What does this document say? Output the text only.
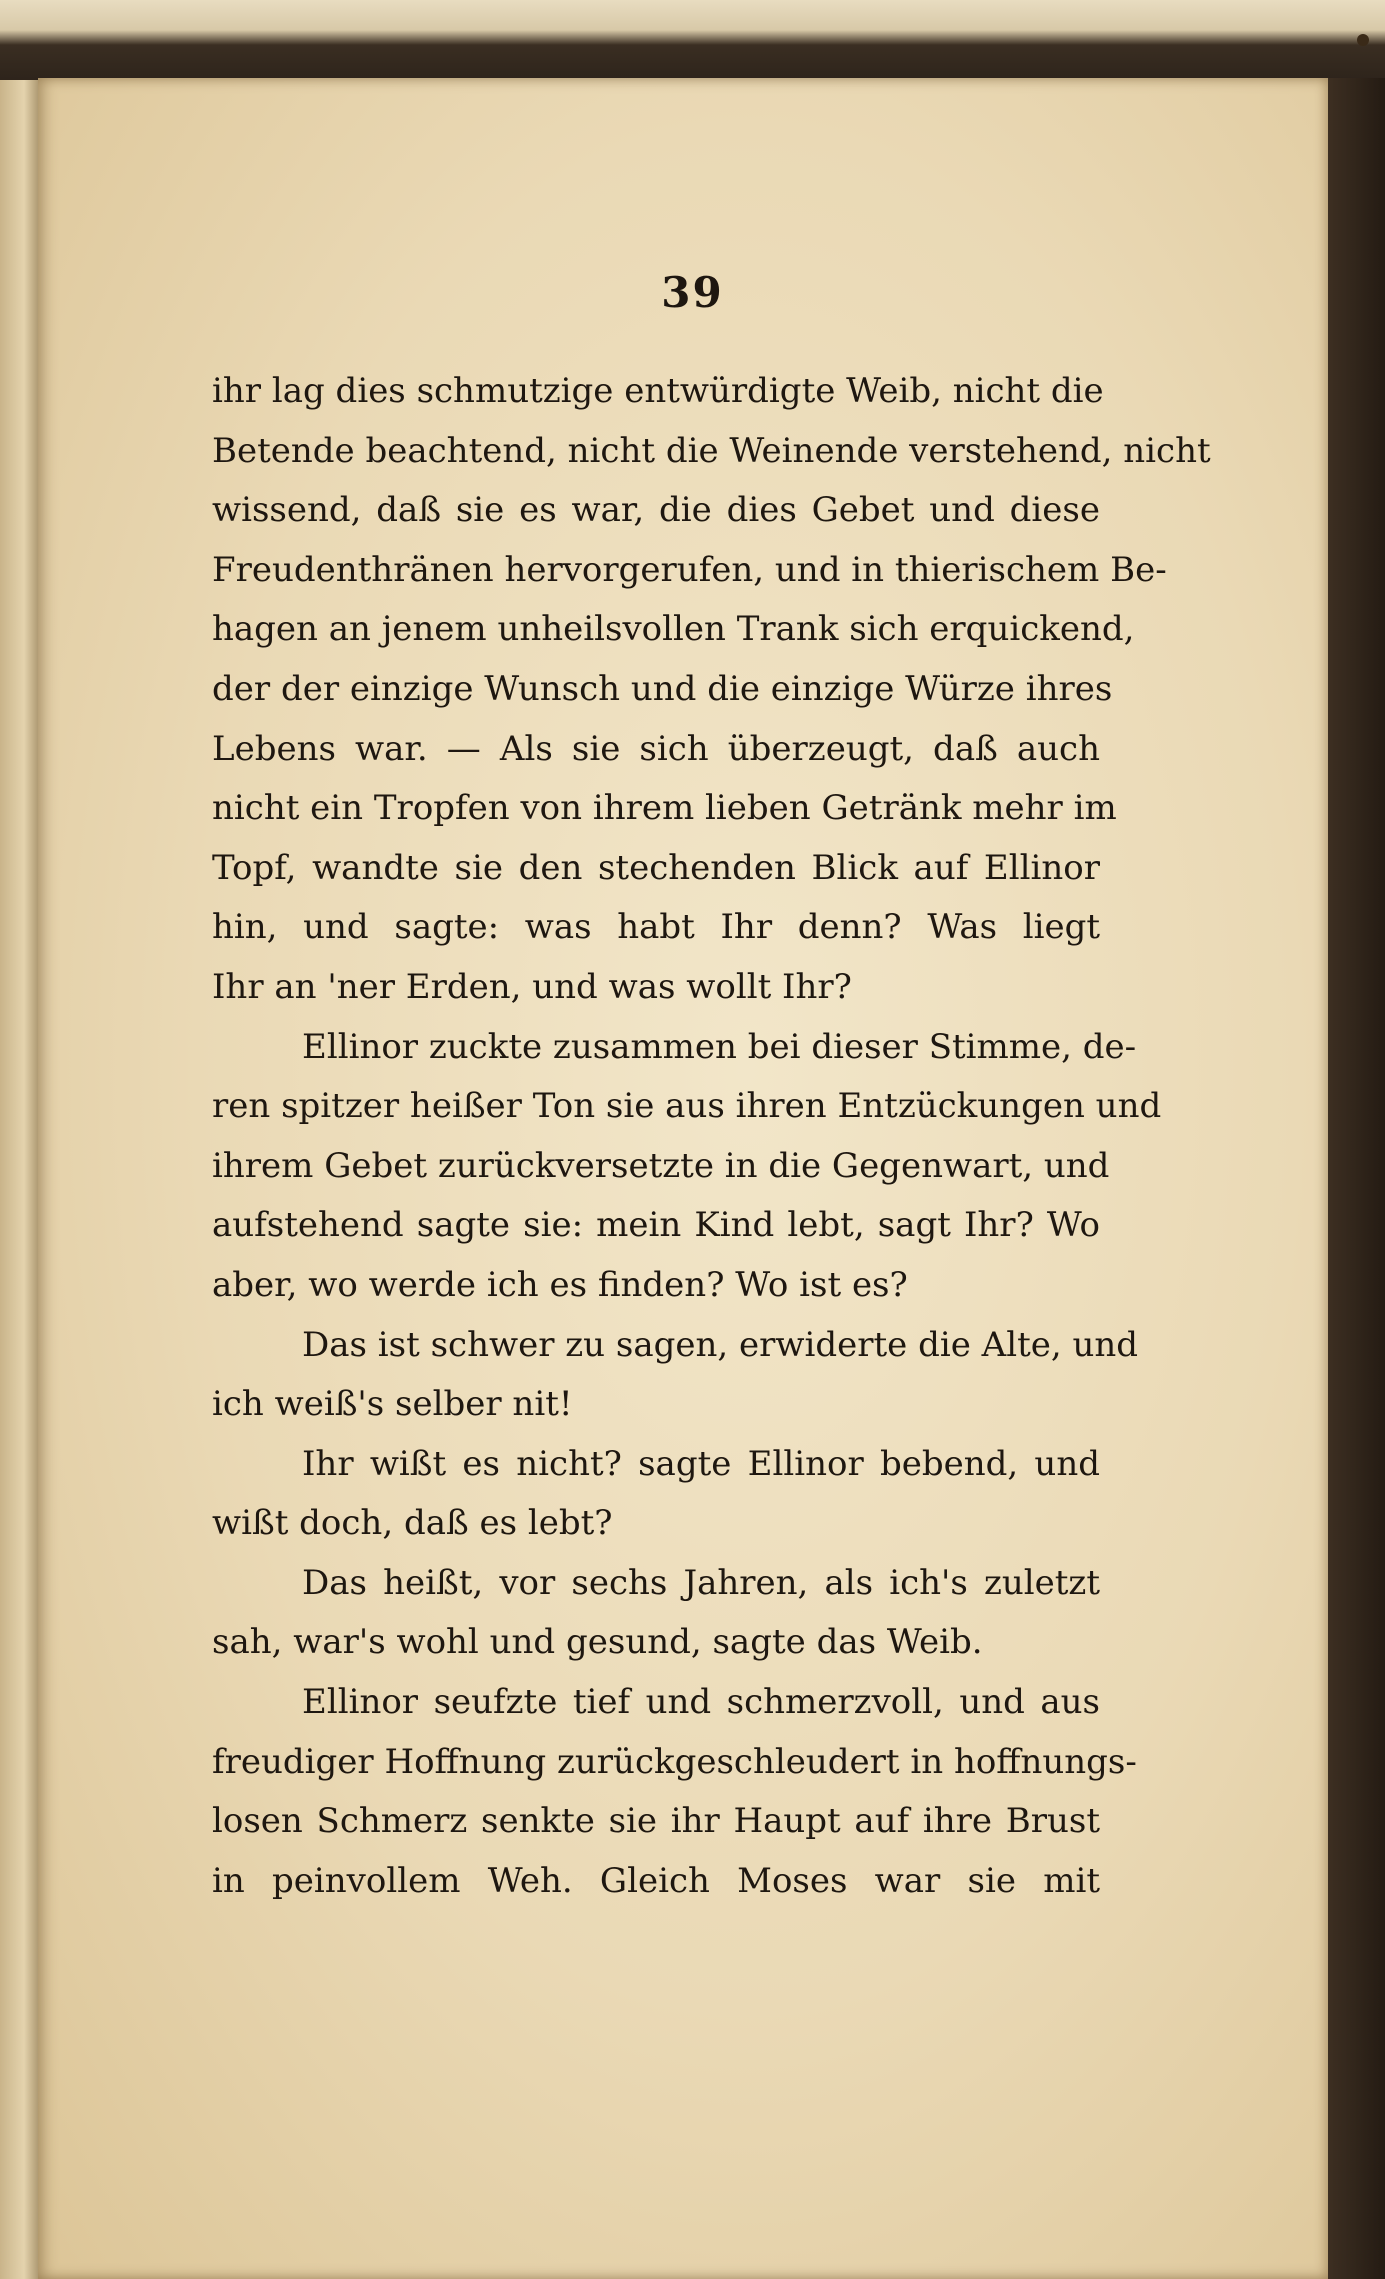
39
ihr lag dies schmutzige entwürdigte Weib, nicht die
Betende beachtend, nicht die Weinende verstehend, nicht
wissend, daß sie es war, die dies Gebet und diese
Freudenthränen hervorgerufen, und in thierischem Be-
hagen an jenem unheilsvollen Trank sich erquickend,
der der einzige Wunsch und die einzige Würze ihres
Lebens war. — Als sie sich überzeugt, daß auch
nicht ein Tropfen von ihrem lieben Getränk mehr im
Topf, wandte sie den stechenden Blick auf Ellinor
hin, und sagte: was habt Ihr denn? Was liegt
Ihr an 'ner Erden, und was wollt Ihr?
Ellinor zuckte zusammen bei dieser Stimme, de-
ren spitzer heißer Ton sie aus ihren Entzückungen und
ihrem Gebet zurückversetzte in die Gegenwart, und
aufstehend sagte sie: mein Kind lebt, sagt Ihr? Wo
aber, wo werde ich es finden? Wo ist es?
Das ist schwer zu sagen, erwiderte die Alte, und
ich weiß's selber nit!
Ihr wißt es nicht? sagte Ellinor bebend, und
wißt doch, daß es lebt?
Das heißt, vor sechs Jahren, als ich's zuletzt
sah, war's wohl und gesund, sagte das Weib.
Ellinor seufzte tief und schmerzvoll, und aus
freudiger Hoffnung zurückgeschleudert in hoffnungs-
losen Schmerz senkte sie ihr Haupt auf ihre Brust
in peinvollem Weh. Gleich Moses war sie mit
